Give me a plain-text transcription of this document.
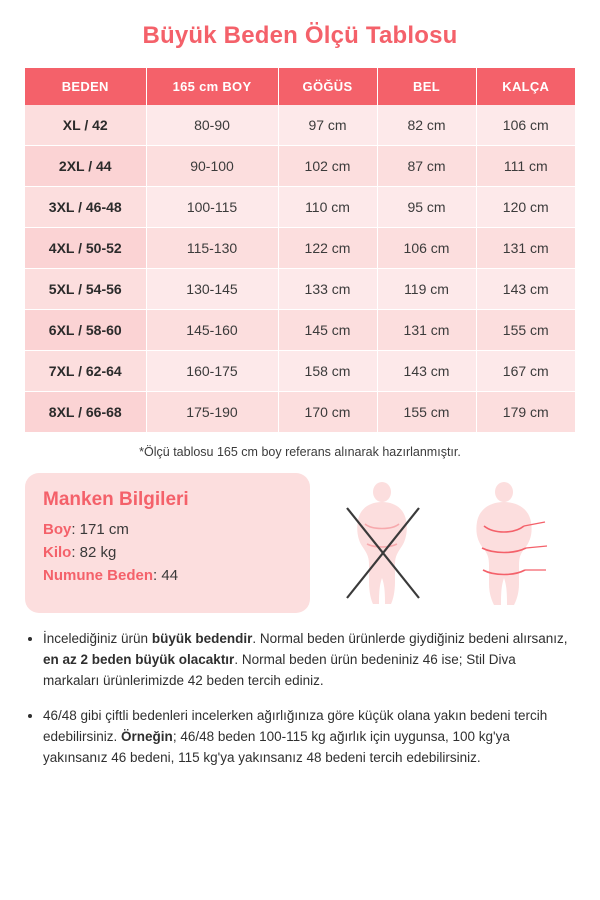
Büyük Beden Ölçü Tablosu
BEDEN	165 cm BOY	GÖĞÜS	BEL	KALÇA
XL / 42	80-90	97 cm	82 cm	106 cm
2XL / 44	90-100	102 cm	87 cm	111 cm
3XL / 46-48	100-115	110 cm	95 cm	120 cm
4XL / 50-52	115-130	122 cm	106 cm	131 cm
5XL / 54-56	130-145	133 cm	119 cm	143 cm
6XL / 58-60	145-160	145 cm	131 cm	155 cm
7XL / 62-64	160-175	158 cm	143 cm	167 cm
8XL / 66-68	175-190	170 cm	155 cm	179 cm
*Ölçü tablosu 165 cm boy referans alınarak hazırlanmıştır.
Manken Bilgileri
Boy: 171 cm
Kilo: 82 kg
Numune Beden: 44
• İncelediğiniz ürün büyük bedendir. Normal beden ürünlerde giydiğiniz bedeni alırsanız, en az 2 beden büyük olacaktır. Normal beden ürün bedeniniz 46 ise; Stil Diva markaları ürünlerimizde 42 beden tercih ediniz.
• 46/48 gibi çiftli bedenleri incelerken ağırlığınıza göre küçük olana yakın bedeni tercih edebilirsiniz. Örneğin; 46/48 beden 100-115 kg ağırlık için uygunsa, 100 kg'ya yakınsanız 46 bedeni, 115 kg'ya yakınsanız 48 bedeni tercih edebilirsiniz.
